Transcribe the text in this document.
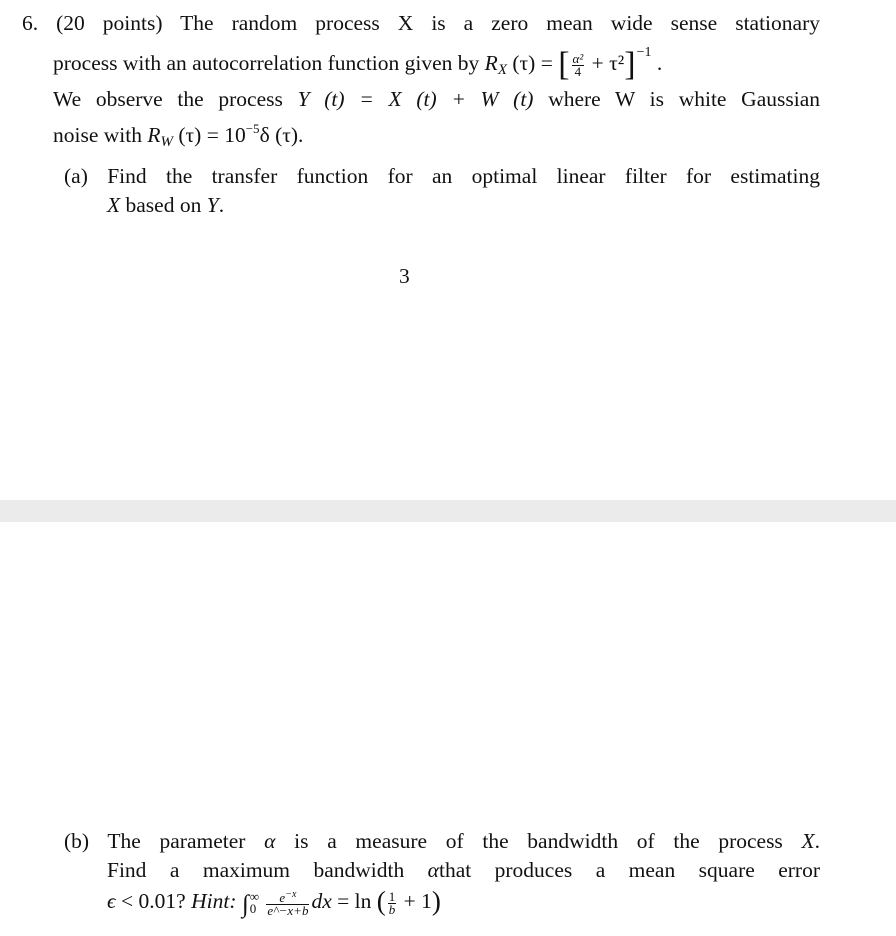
6. (20 points) The random process X is a zero mean wide sense stationary
process with an autocorrelation function given by $R_X$ (τ) = [ $\frac{\text{α²}}{4} + \tau^2]^{-1}$ .
We observe the process Y (t) = X (t) + W (t) where W is white Gaussian
noise with $R_W$ $(\tau) = 10^{-5}\delta$ (τ).
(a) Find the transfer function for an optimal linear filter for estimating
X based on Y.
3
(b) The parameter α is a measure of the bandwidth of the process X.
Find a maximum bandwidth αthat produces a mean square error
ϵ < 0.01? Hint: ∫ ∞
0
$\frac{e^{-x}}{e\^{}-x+b}$ dx = ln ( $\frac{1}{b} + 1$)
